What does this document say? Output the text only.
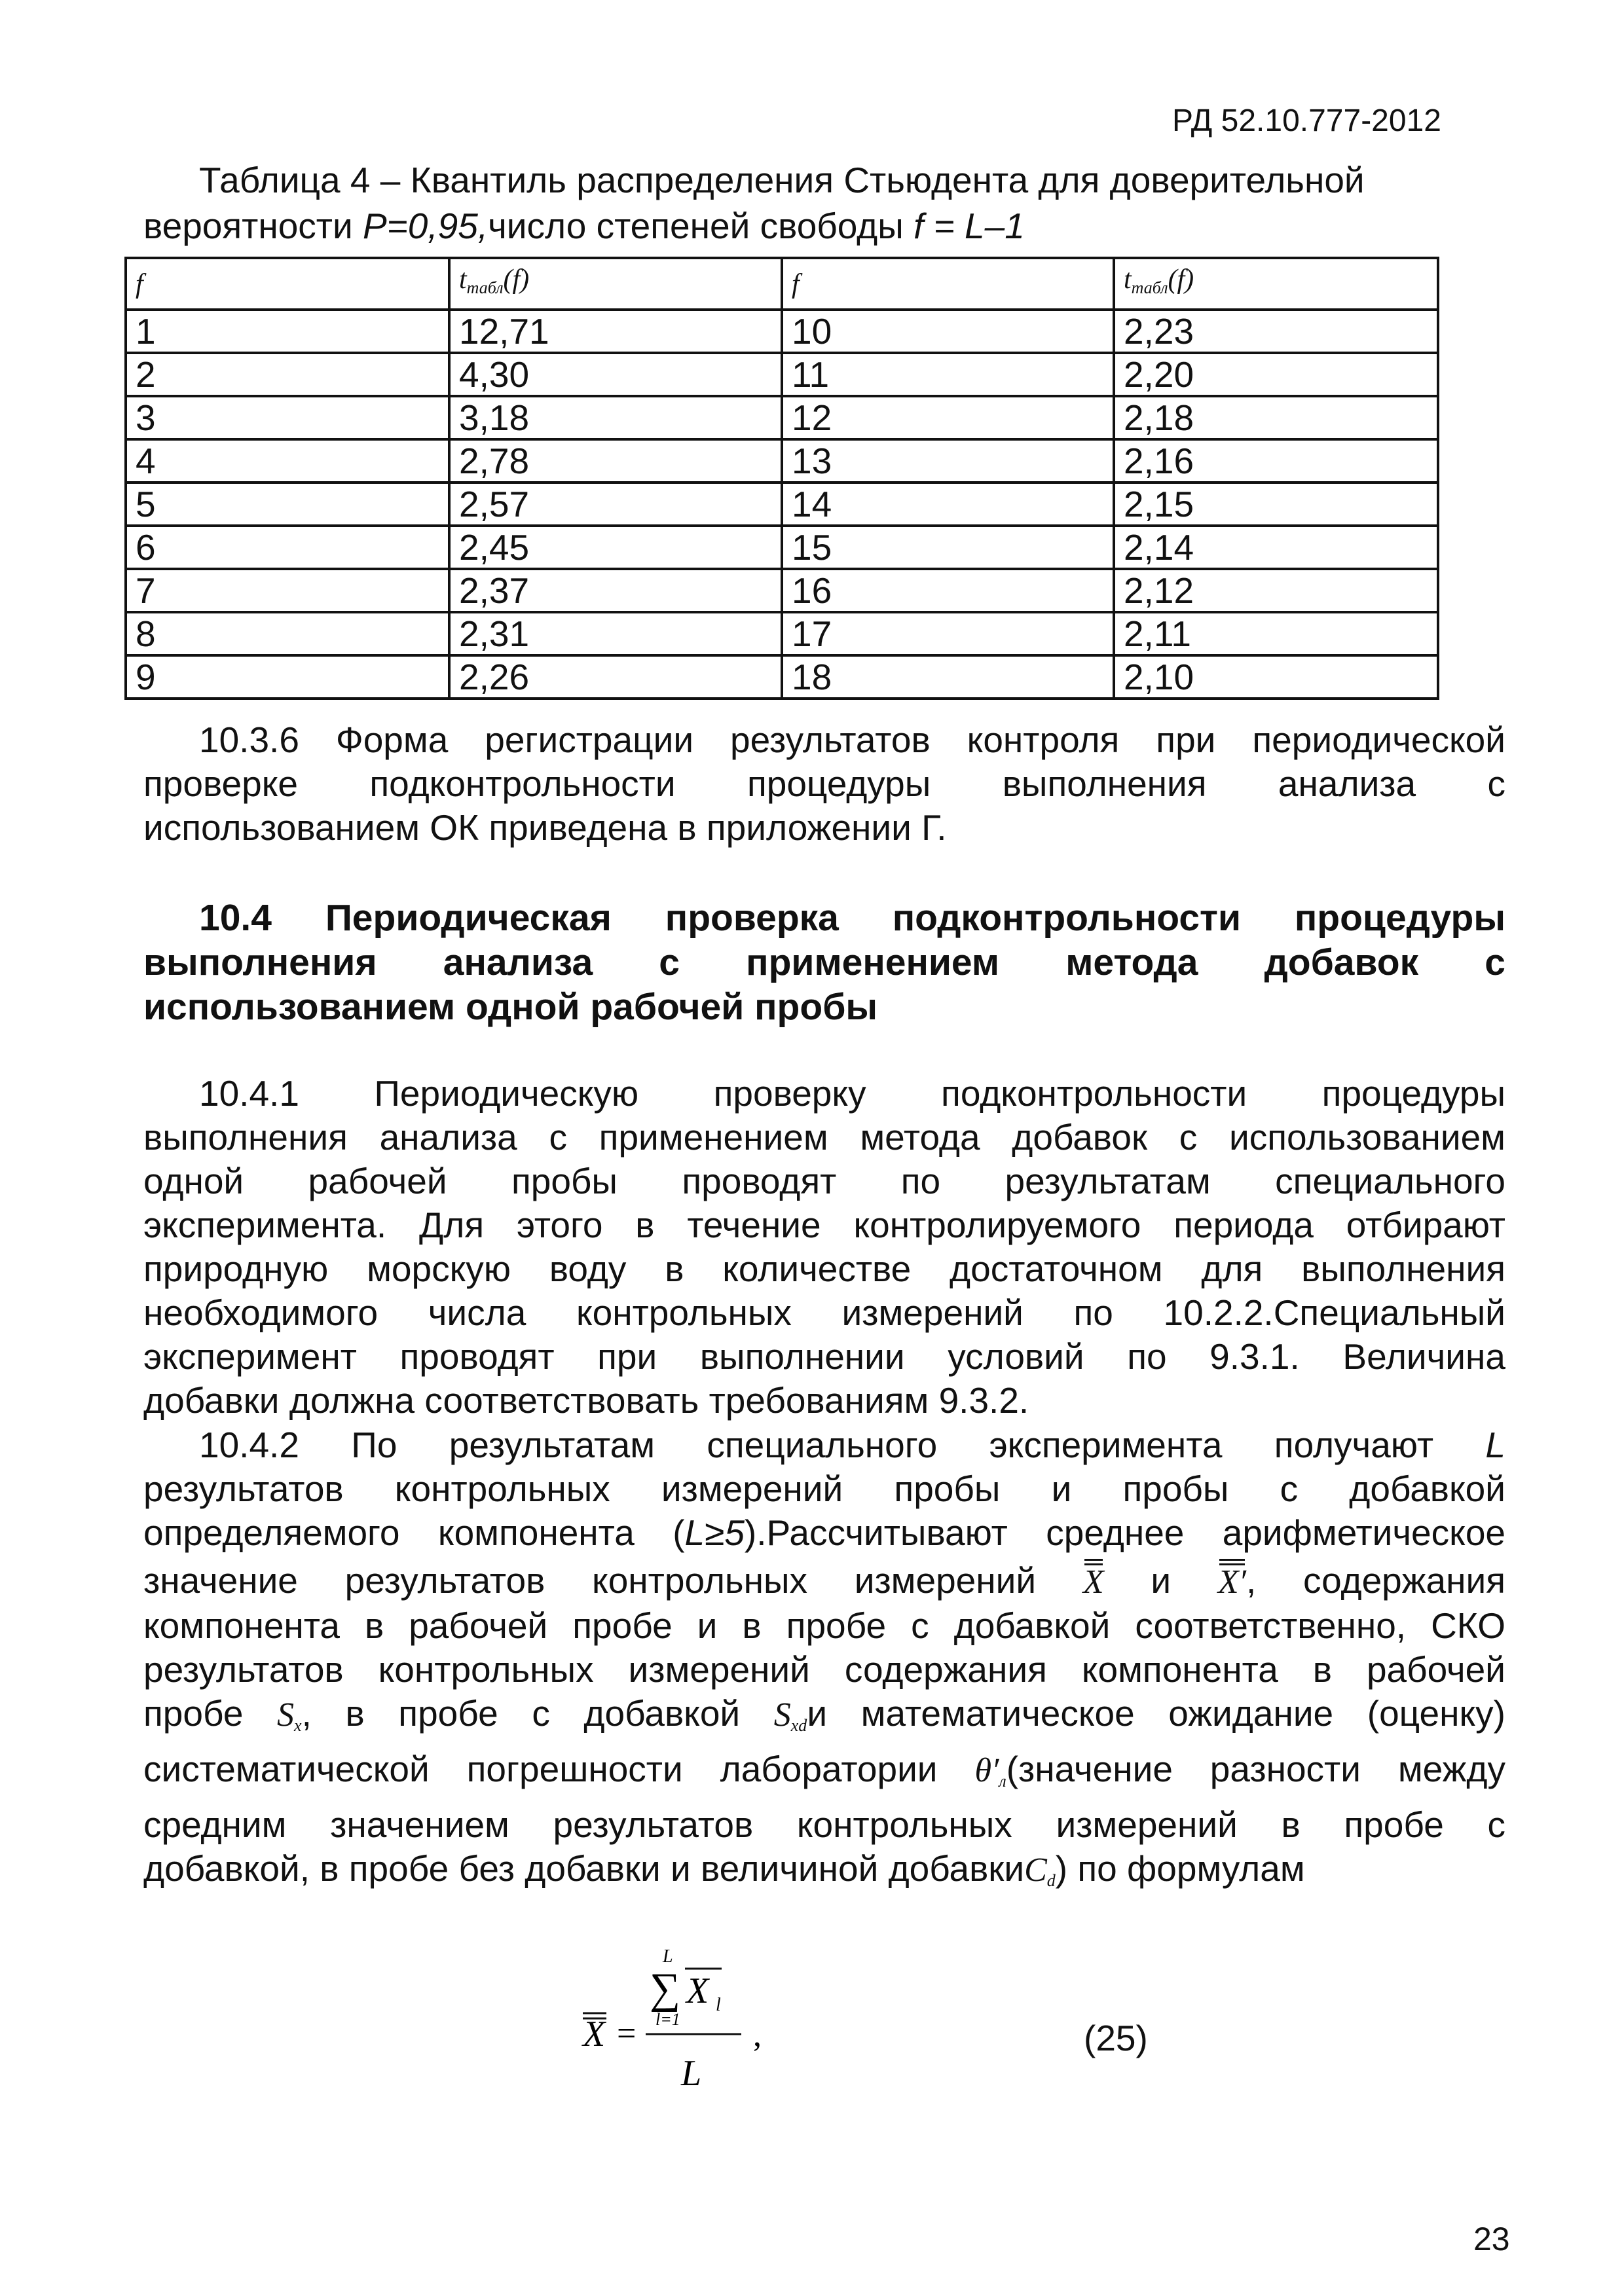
РД 52.10.777-2012
Таблица 4 – Квантиль распределения Стьюдента для доверительной
вероятности Р=0,95,число степеней свободы f = L–1
f	$t_{табл}(f)$	f	$t_{табл}(f)$
1	12,71	10	2,23
2	4,30	11	2,20
3	3,18	12	2,18
4	2,78	13	2,16
5	2,57	14	2,15
6	2,45	15	2,14
7	2,37	16	2,12
8	2,31	17	2,11
9	2,26	18	2,10
10.3.6 Форма регистрации результатов контроля при периодической
проверке подконтрольности процедуры выполнения анализа с
использованием ОК приведена в приложении Г.
10.4 Периодическая проверка подконтрольности процедуры
выполнения анализа с применением метода добавок с
использованием одной рабочей пробы
10.4.1 Периодическую проверку подконтрольности процедуры
выполнения анализа с применением метода добавок с использованием
одной рабочей пробы проводят по результатам специального
эксперимента. Для этого в течение контролируемого периода отбирают
природную морскую воду в количестве достаточном для выполнения
необходимого числа контрольных измерений по 10.2.2.Специальный
эксперимент проводят при выполнении условий по 9.3.1. Величина
добавки должна соответствовать требованиям 9.3.2.
10.4.2 По результатам специального эксперимента получают L
результатов контрольных измерений пробы и пробы с добавкой
определяемого компонента (L≥5).Рассчитывают среднее арифметическое
значение результатов контрольных измерений X и X′, содержания
компонента в рабочей пробе и в пробе с добавкой соответственно, СКО
результатов контрольных измерений содержания компонента в рабочей
пробе $S_x$, в пробе с добавкой $S_{xd}и$ математическое ожидание (оценку)
систематической погрешности лаборатории $\theta'_л(значение$ разности между
средним значением результатов контрольных измерений в пробе с
добавкой, в пробе без добавки и величиной добавкиC$_d$) по формулам
X =
L
∑
l=1
X l
L
,	(25)
23
